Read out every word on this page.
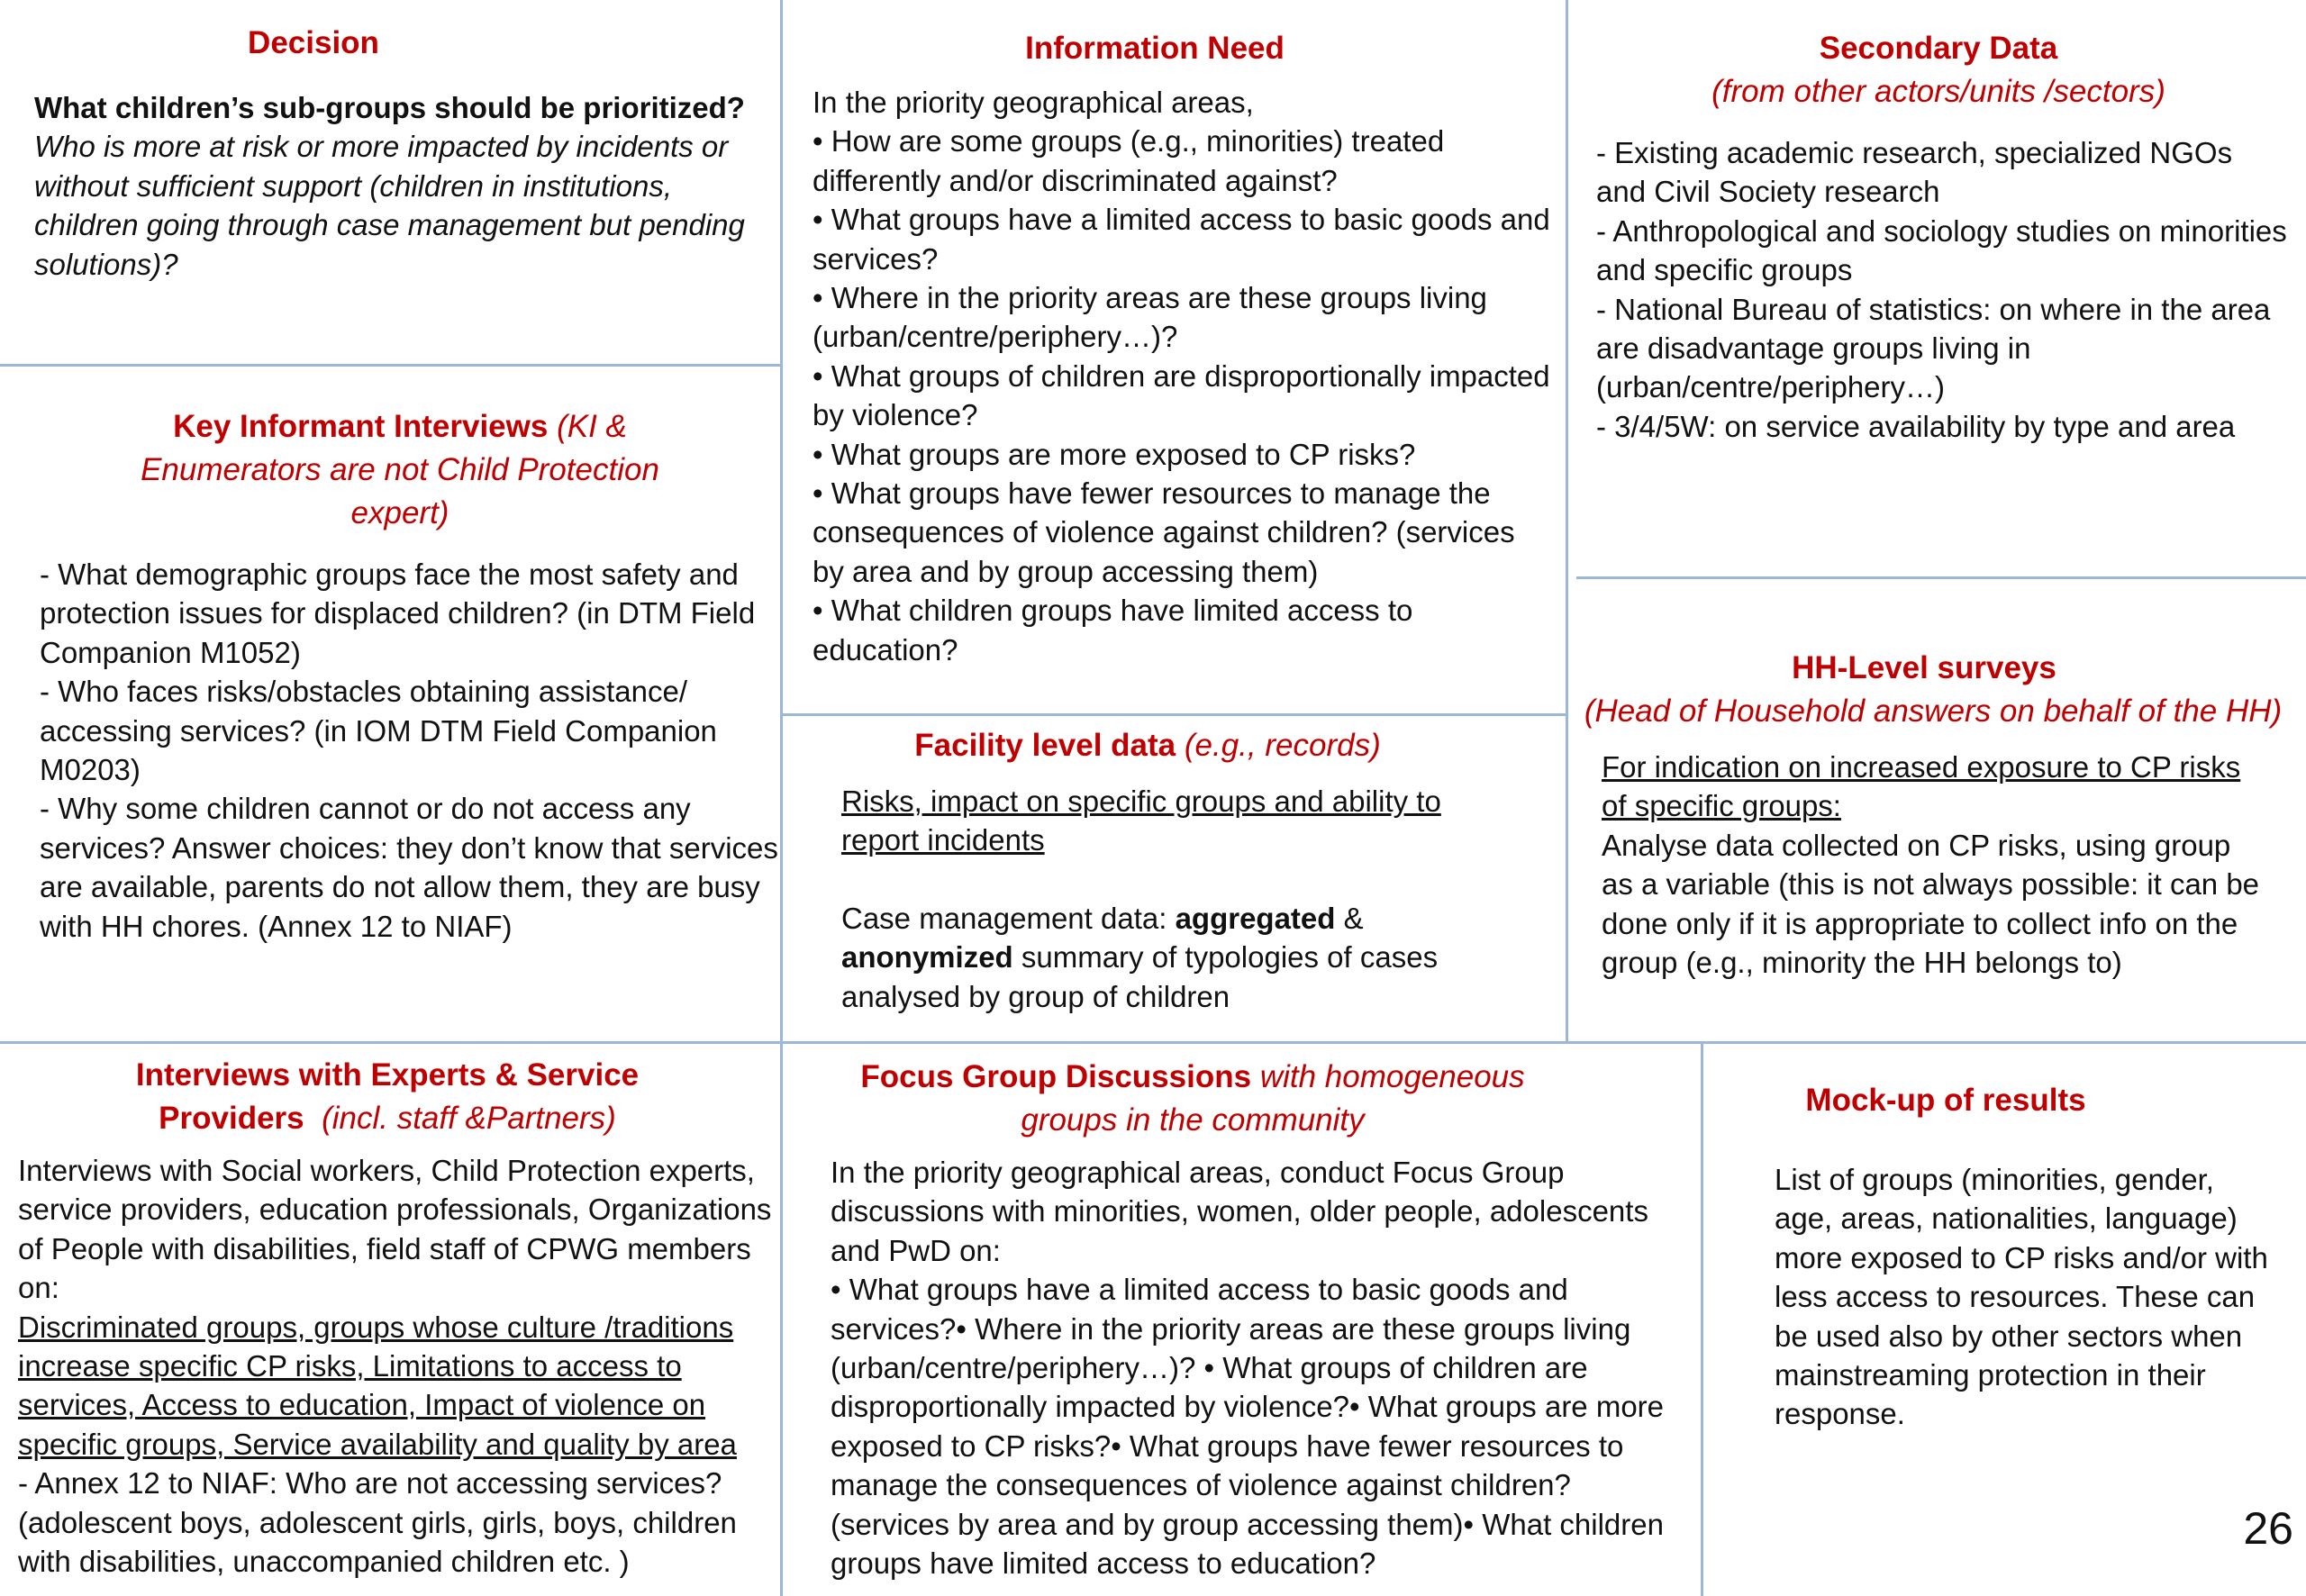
Decision

What children’s sub-groups should be prioritized?

Who is more at risk or more impacted by incidents or without sufficient support (children in institutions, children going through case management but pending solutions)?

Information Need

In the priority geographical areas,

• How are some groups (e.g., minorities) treated differently and/or discriminated against?

• What groups have a limited access to basic goods and services?

• Where in the priority areas are these groups living (urban/centre/periphery…)?

• What groups of children are disproportionally impacted by violence?

• What groups are more exposed to CP risks?

• What groups have fewer resources to manage the consequences of violence against children? (services by area and by group accessing them)

• What children groups have limited access to education?

Secondary Data
(from other actors/units /sectors)

- Existing academic research, specialized NGOs and Civil Society research

- Anthropological and sociology studies on minorities and specific groups

- National Bureau of statistics: on where in the area are disadvantage groups living in (urban/centre/periphery…)

- 3/4/5W: on service availability by type and area

Key Informant Interviews (KI & Enumerators are not Child Protection expert)

- What demographic groups face the most safety and protection issues for displaced children? (in DTM Field Companion M1052)

- Who faces risks/obstacles obtaining assistance/ accessing services? (in IOM DTM Field Companion M0203)

- Why some children cannot or do not access any services? Answer choices: they don’t know that services are available, parents do not allow them, they are busy with HH chores. (Annex 12 to NIAF)

Facility level data (e.g., records)

Risks, impact on specific groups and ability to report incidents

Case management data: aggregated & anonymized summary of typologies of cases analysed by group of children

HH-Level surveys
(Head of Household answers on behalf of the HH)

For indication on increased exposure to CP risks of specific groups:

Analyse data collected on CP risks, using group as a variable (this is not always possible: it can be done only if it is appropriate to collect info on the group (e.g., minority the HH belongs to)

Interviews with Experts & Service
Providers (incl. staff &Partners)

Interviews with Social workers, Child Protection experts, service providers, education professionals, Organizations of People with disabilities, field staff of CPWG members on:

Discriminated groups, groups whose culture /traditions increase specific CP risks, Limitations to access to services, Access to education, Impact of violence on specific groups, Service availability and quality by area

- Annex 12 to NIAF: Who are not accessing services? (adolescent boys, adolescent girls, girls, boys, children with disabilities, unaccompanied children etc. )

Focus Group Discussions with homogeneous groups in the community

In the priority geographical areas, conduct Focus Group discussions with minorities, women, older people, adolescents and PwD on:

• What groups have a limited access to basic goods and services?• Where in the priority areas are these groups living (urban/centre/periphery…)? • What groups of children are disproportionally impacted by violence?• What groups are more exposed to CP risks?• What groups have fewer resources to manage the consequences of violence against children? (services by area and by group accessing them)• What children groups have limited access to education?

Mock-up of results

List of groups (minorities, gender, age, areas, nationalities, language) more exposed to CP risks and/or with less access to resources. These can be used also by other sectors when mainstreaming protection in their response.

26
